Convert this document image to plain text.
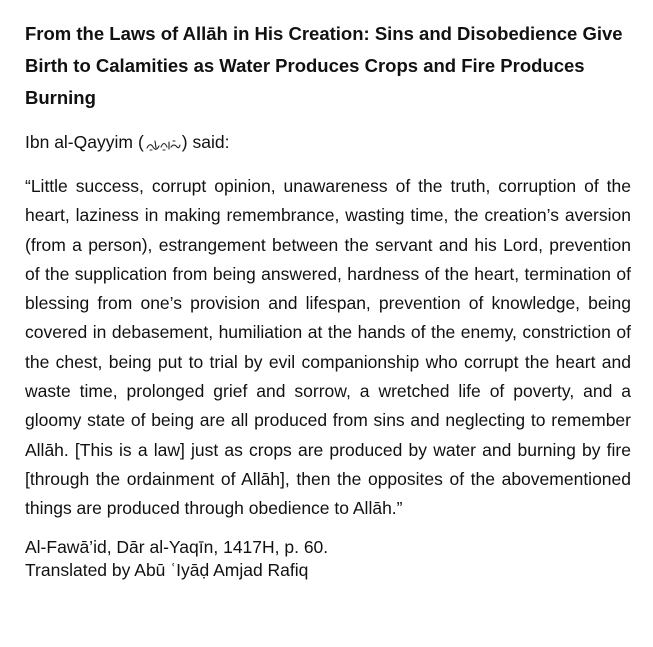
From the Laws of Allāh in His Creation: Sins and Disobedience Give Birth to Calamities as Water Produces Crops and Fire Produces Burning

Ibn al-Qayyim ( ) said:

“Little success, corrupt opinion, unawareness of the truth, corruption of the heart, laziness in making remembrance, wasting time, the creation’s aversion (from a person), estrangement between the servant and his Lord, prevention of the supplication from being answered, hardness of the heart, termination of blessing from one’s provision and lifespan, prevention of knowledge, being covered in debasement, humiliation at the hands of the enemy, constriction of the chest, being put to trial by evil companionship who corrupt the heart and waste time, prolonged grief and sorrow, a wretched life of poverty, and a gloomy state of being are all produced from sins and neglecting to remember Allāh. [This is a law] just as crops are produced by water and burning by fire [through the ordainment of Allāh], then the opposites of the abovementioned things are produced through obedience to Allāh.”

Al-Fawā’id, Dār al-Yaqīn, 1417H, p. 60.

Translated by Abū ʿIyāḍ Amjad Rafiq
